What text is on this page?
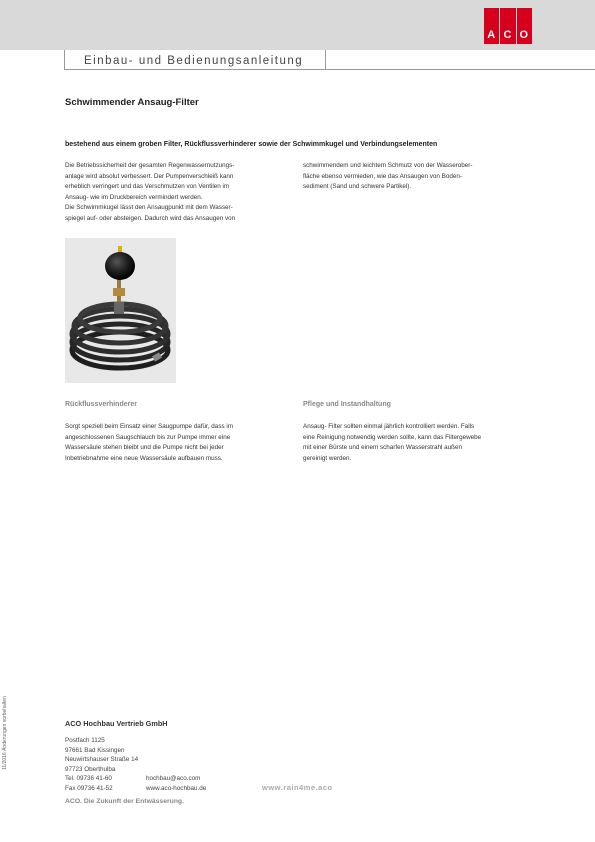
A C O
Einbau- und Bedienungsanleitung
Schwimmender Ansaug-Filter
bestehend aus einem groben Filter, Rückflussverhinderer sowie der Schwimmkugel und Verbindungselementen
Die Betriebssicherheit der gesamten Regenwassernutzungs-
anlage wird absolut verbessert. Der Pumpenverschleiß kann
erheblich verringert und das Verschmutzen von Ventilen im
Ansaug- wie im Druckbereich vermindert werden.
Die Schwimmkugel lässt den Ansaugpunkt mit dem Wasser-
spiegel auf- oder absteigen. Dadurch wird das Ansaugen von
schwimmendem und leichtem Schmutz von der Wasserober-
fläche ebenso vermieden, wie das Ansaugen von Boden-
sediment (Sand und schwere Partikel).
Rückflussverhinderer
Sorgt speziell beim Einsatz einer Saugpumpe dafür, dass im
angeschlossenen Saugschlauch bis zur Pumpe immer eine
Wassersäule stehen bleibt und die Pumpe nicht bei jeder
Inbetriebnahme eine neue Wassersäule aufbauen muss.
Pflege und Instandhaltung
Ansaug- Filter sollten einmal jährlich kontrolliert werden. Falls
eine Reinigung notwendig werden sollte, kann das Filtergewebe
mit einer Bürste und einem scharfen Wasserstrahl außen
gereinigt werden.
11/2016 Änderungen vorbehalten	ACO Hochbau Vertrieb GmbH
Postfach 1125
97661 Bad Kissingen
Neuwirtshauser Straße 14
97723 Oberthulba
Tel. 09736 41-60
Fax 09736 41-52
hochbau@aco.com
www.aco-hochbau.de	www.rain4me.aco
ACO. Die Zukunft der Entwässerung.
